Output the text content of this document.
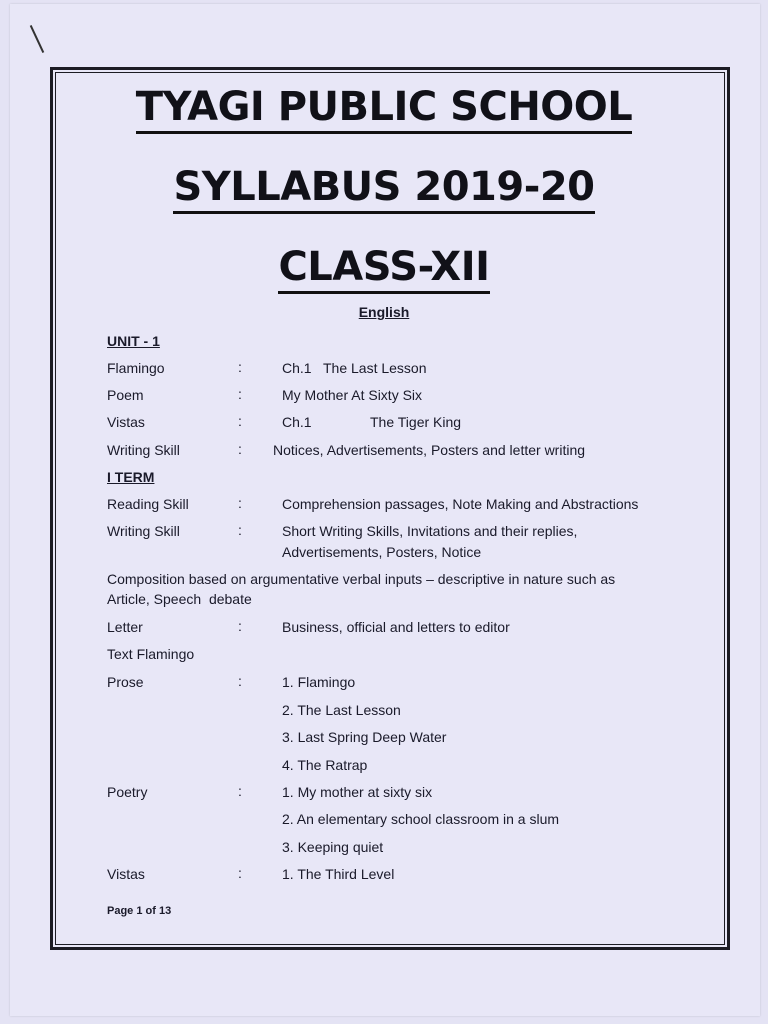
TYAGI PUBLIC SCHOOL
SYLLABUS 2019-20
CLASS-XII
English
UNIT - 1
Flamingo	:	Ch.1   The Last Lesson
Poem	:	My Mother At Sixty Six
Vistas	:	Ch.1	The Tiger King
Writing Skill	: Notices, Advertisements, Posters and letter writing
I TERM
Reading Skill	:	Comprehension passages, Note Making and Abstractions
Writing Skill	:	Short Writing Skills, Invitations and their replies,
Advertisements, Posters, Notice
Composition based on argumentative verbal inputs – descriptive in nature such as
Article, Speech  debate
Letter	:	Business, official and letters to editor
Text Flamingo
Prose	:	1. Flamingo
2. The Last Lesson
3. Last Spring Deep Water
4. The Ratrap
Poetry	:	1. My mother at sixty six
2. An elementary school classroom in a slum
3. Keeping quiet
Vistas	:	1. The Third Level
Page 1 of 13
